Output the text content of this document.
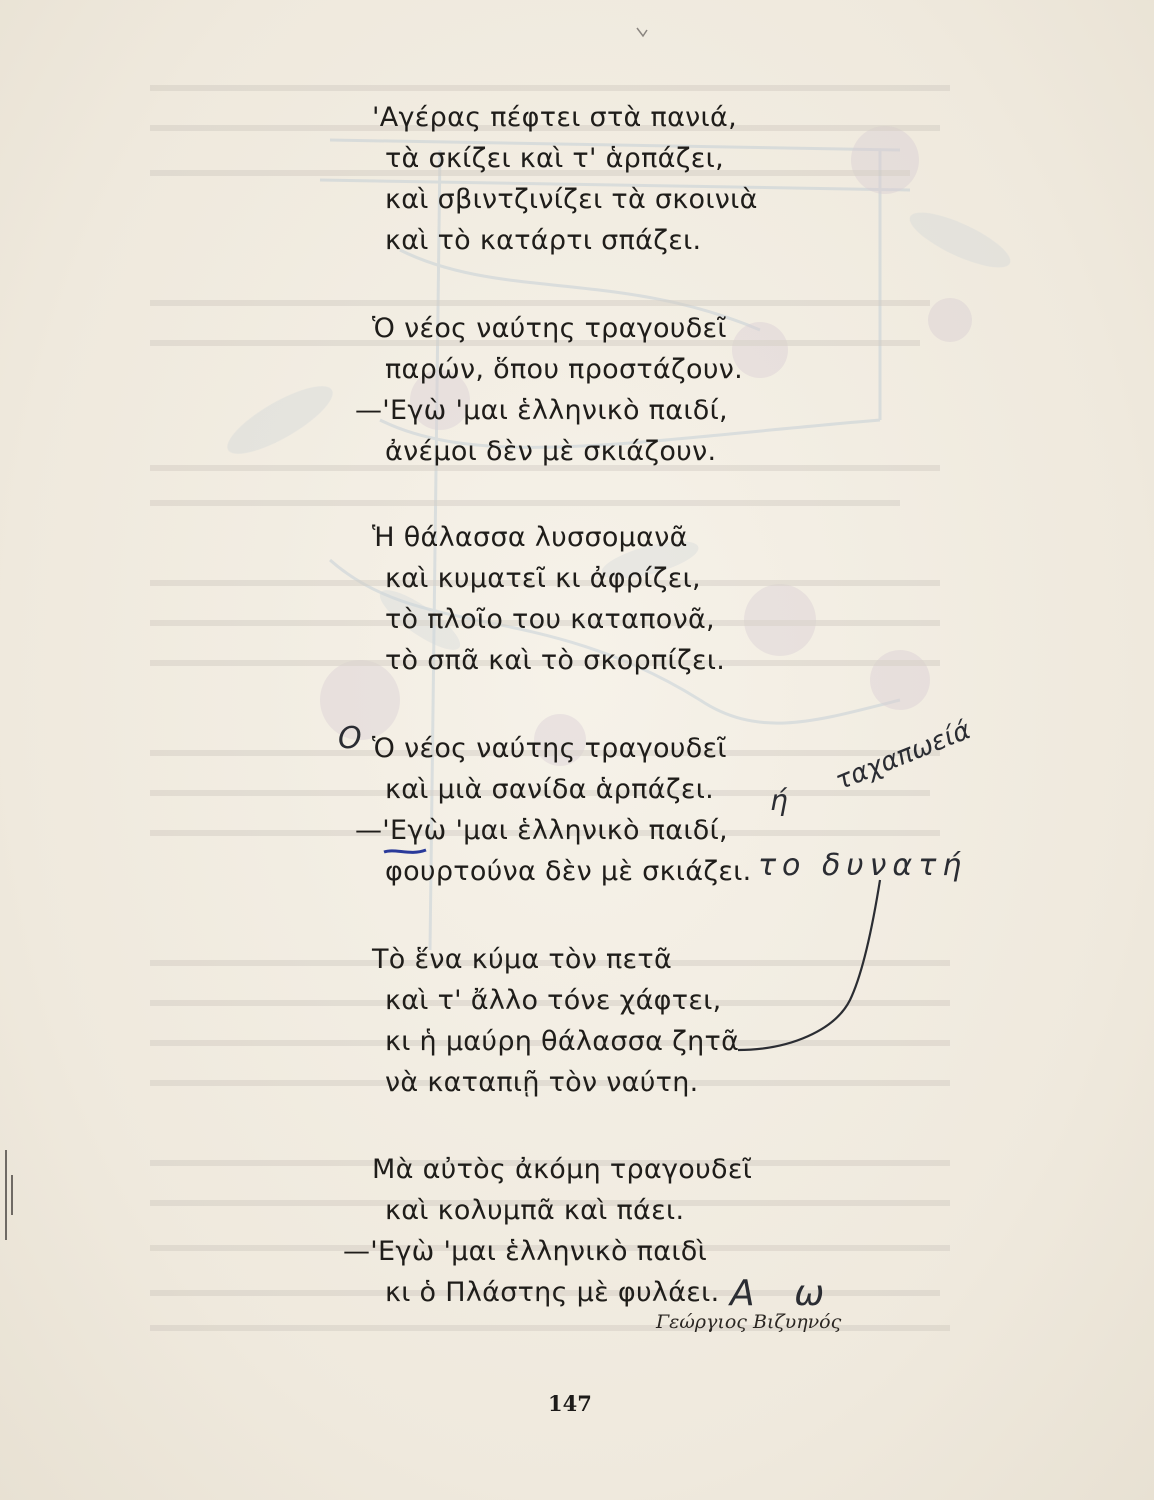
'Αγέρας πέφτει στὰ πανιά,
τὰ σκίζει καὶ τ' ἁρπάζει,
καὶ σβιντζινίζει τὰ σκοινιὰ
καὶ τὸ κατάρτι σπάζει.
Ὁ νέος ναύτης τραγουδεῖ
παρών, ὅπου προστάζουν.
—'Εγὼ 'μαι ἑλληνικὸ παιδί,
ἀνέμοι δὲν μὲ σκιάζουν.
Ἡ θάλασσα λυσσομανᾶ
καὶ κυματεῖ κι ἀφρίζει,
τὸ πλοῖο του καταπονᾶ,
τὸ σπᾶ καὶ τὸ σκορπίζει.
Ὁ νέος ναύτης τραγουδεῖ
καὶ μιὰ σανίδα ἁρπάζει.
—'Εγὼ 'μαι ἑλληνικὸ παιδί,
φουρτούνα δὲν μὲ σκιάζει.
Τὸ ἕνα κύμα τὸν πετᾶ
καὶ τ' ἄλλο τόνε χάφτει,
κι ἡ μαύρη θάλασσα ζητᾶ
νὰ καταπιῇ τὸν ναύτη.
Μὰ αὐτὸς ἀκόμη τραγουδεῖ
καὶ κολυμπᾶ καὶ πάει.
—'Εγὼ 'μαι ἑλληνικὸ παιδὶ
κι ὁ Πλάστης μὲ φυλάει.
Γεώργιος Βιζυηνός
147
Ο	ταχαπωείά
ή
το δυνατή
Α ω
